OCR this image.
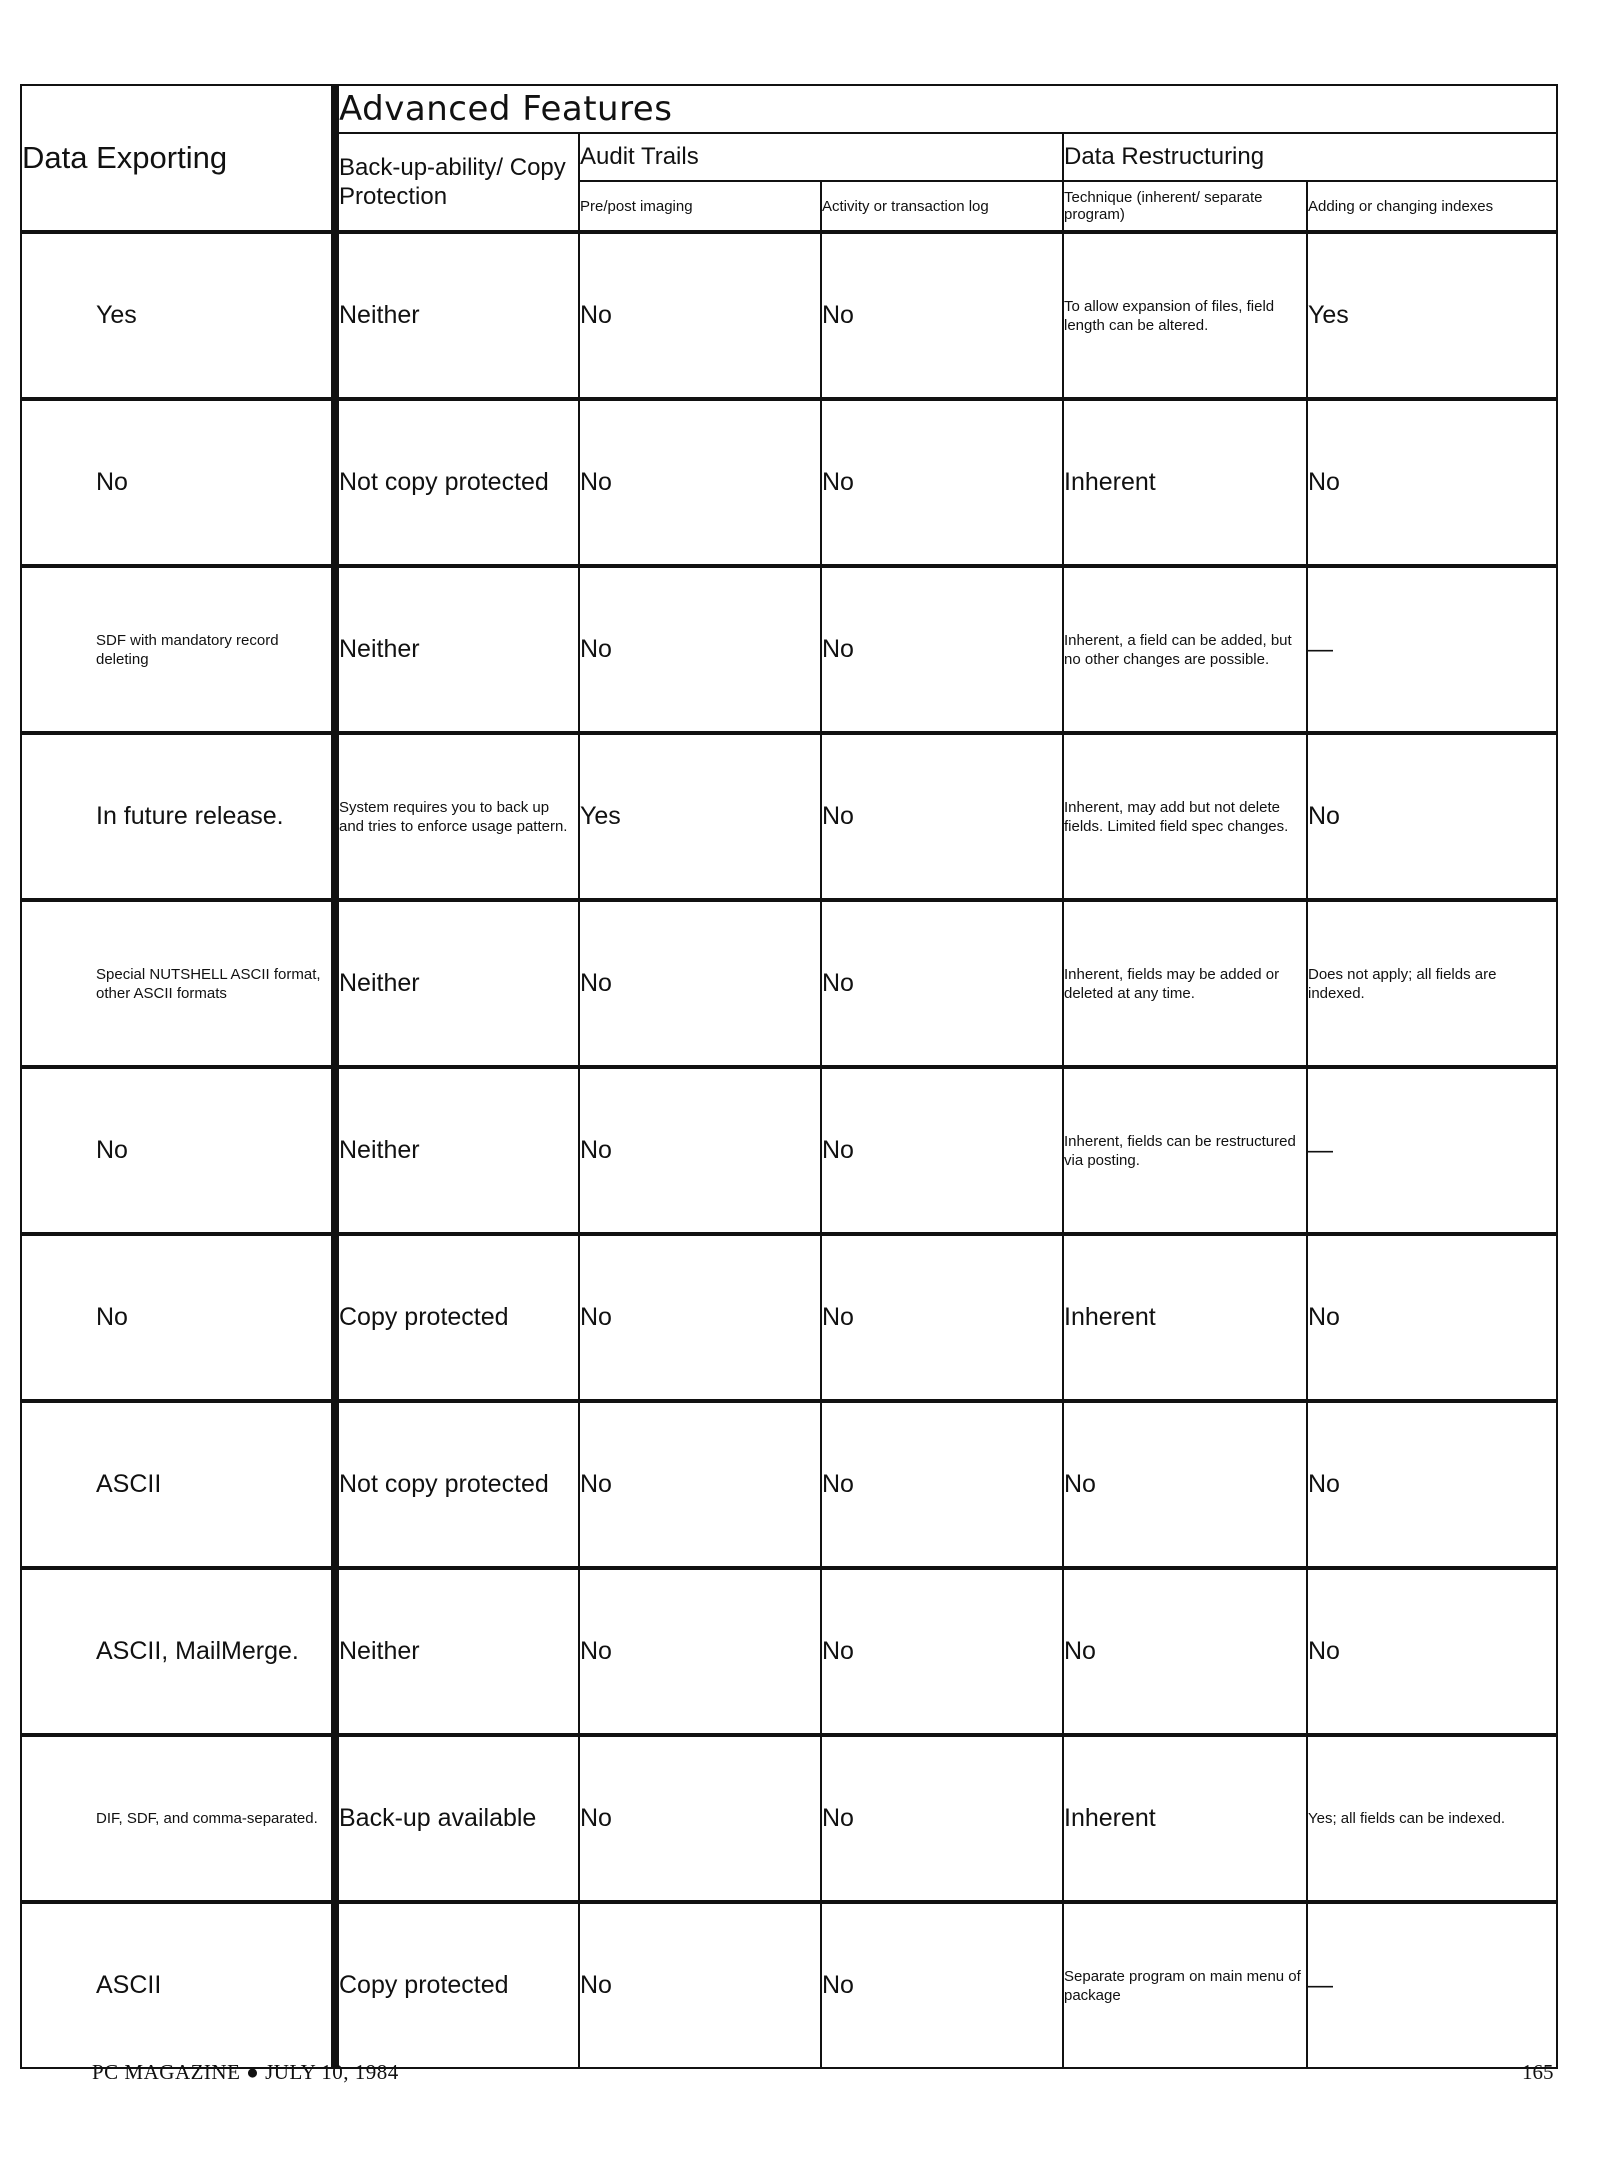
Data Exporting	Advanced Features				
	Back-up-ability/ Copy Protection	Audit Trails		Data Restructuring	
		Pre/post imaging	Activity or transaction log	Technique (inherent/ separate program)	Adding or changing indexes

Yes	Neither	No	No	To allow expansion of files, field length can be altered.	Yes

No	Not copy protected	No	No	Inherent	No

SDF with mandatory record deleting	Neither	No	No	Inherent, a field can be added, but no other changes are possible.	—

In future release.	System requires you to back up and tries to enforce usage pattern.	Yes	No	Inherent, may add but not delete fields. Limited field spec changes.	No

Special NUTSHELL ASCII format, other ASCII formats	Neither	No	No	Inherent, fields may be added or deleted at any time.	Does not apply; all fields are indexed.

No	Neither	No	No	Inherent, fields can be restructured via posting.	—

No	Copy protected	No	No	Inherent	No

ASCII	Not copy protected	No	No	No	No

ASCII, MailMerge.	Neither	No	No	No	No

DIF, SDF, and comma-separated.	Back-up available	No	No	Inherent	Yes; all fields can be indexed.

ASCII	Copy protected	No	No	Separate program on main menu of package	—
PC MAGAZINE ● JULY 10, 1984	165
